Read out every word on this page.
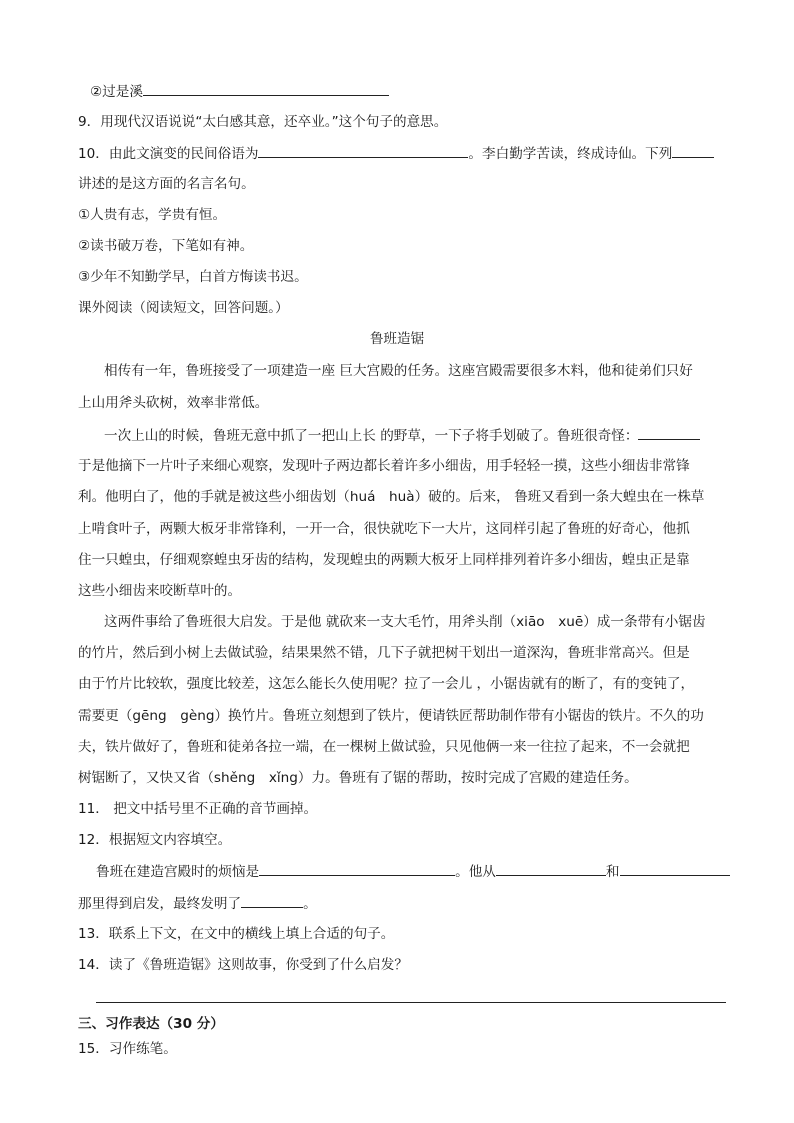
②过是溪
9．用现代汉语说说“太白感其意，还卒业。”这个句子的意思。
10．由此文演变的民间俗语为	。李白勤学苦读，终成诗仙。下列
讲述的是这方面的名言名句。
①人贵有志，学贵有恒。
②读书破万卷，下笔如有神。
③少年不知勤学早，白首方悔读书迟。
课外阅读（阅读短文，回答问题。）
鲁班造锯
相传有一年，鲁班接受了一项建造一座 巨大宫殿的任务。这座宫殿需要很多木料，他和徒弟们只好
上山用斧头砍树，效率非常低。
一次上山的时候，鲁班无意中抓了一把山上长 的野草，一下子将手划破了。鲁班很奇怪：
于是他摘下一片叶子来细心观察，发现叶子两边都长着许多小细齿，用手轻轻一摸，这些小细齿非常锋
利。他明白了，他的手就是被这些小细齿划（huá　huà）破的。后来， 鲁班又看到一条大蝗虫在一株草
上啃食叶子，两颗大板牙非常锋利，一开一合，很快就吃下一大片，这同样引起了鲁班的好奇心，他抓
住一只蝗虫，仔细观察蝗虫牙齿的结构，发现蝗虫的两颗大板牙上同样排列着许多小细齿，蝗虫正是靠
这些小细齿来咬断草叶的。
这两件事给了鲁班很大启发。于是他 就砍来一支大毛竹，用斧头削（xiāo　xuē）成一条带有小锯齿
的竹片，然后到小树上去做试验，结果果然不错，几下子就把树干划出一道深沟，鲁班非常高兴。但是
由于竹片比较软，强度比较差，这怎么能长久使用呢？拉了一会儿 ，小锯齿就有的断了，有的变钝了，
需要更（gēng　gèng）换竹片。鲁班立刻想到了铁片，便请铁匠帮助制作带有小锯齿的铁片。不久的功
夫，铁片做好了，鲁班和徒弟各拉一端，在一棵树上做试验，只见他俩一来一往拉了起来，不一会就把
树锯断了，又快又省（shěng　xǐng）力。鲁班有了锯的帮助，按时完成了宫殿的建造任务。
11． 把文中括号里不正确的音节画掉。
12．根据短文内容填空。
鲁班在建造宫殿时的烦恼是	。他从	和
那里得到启发，最终发明了	。
13．联系上下文，在文中的横线上填上合适的句子。
14．读了《鲁班造锯》这则故事，你受到了什么启发？
三、习作表达（30 分）
15．习作练笔。
